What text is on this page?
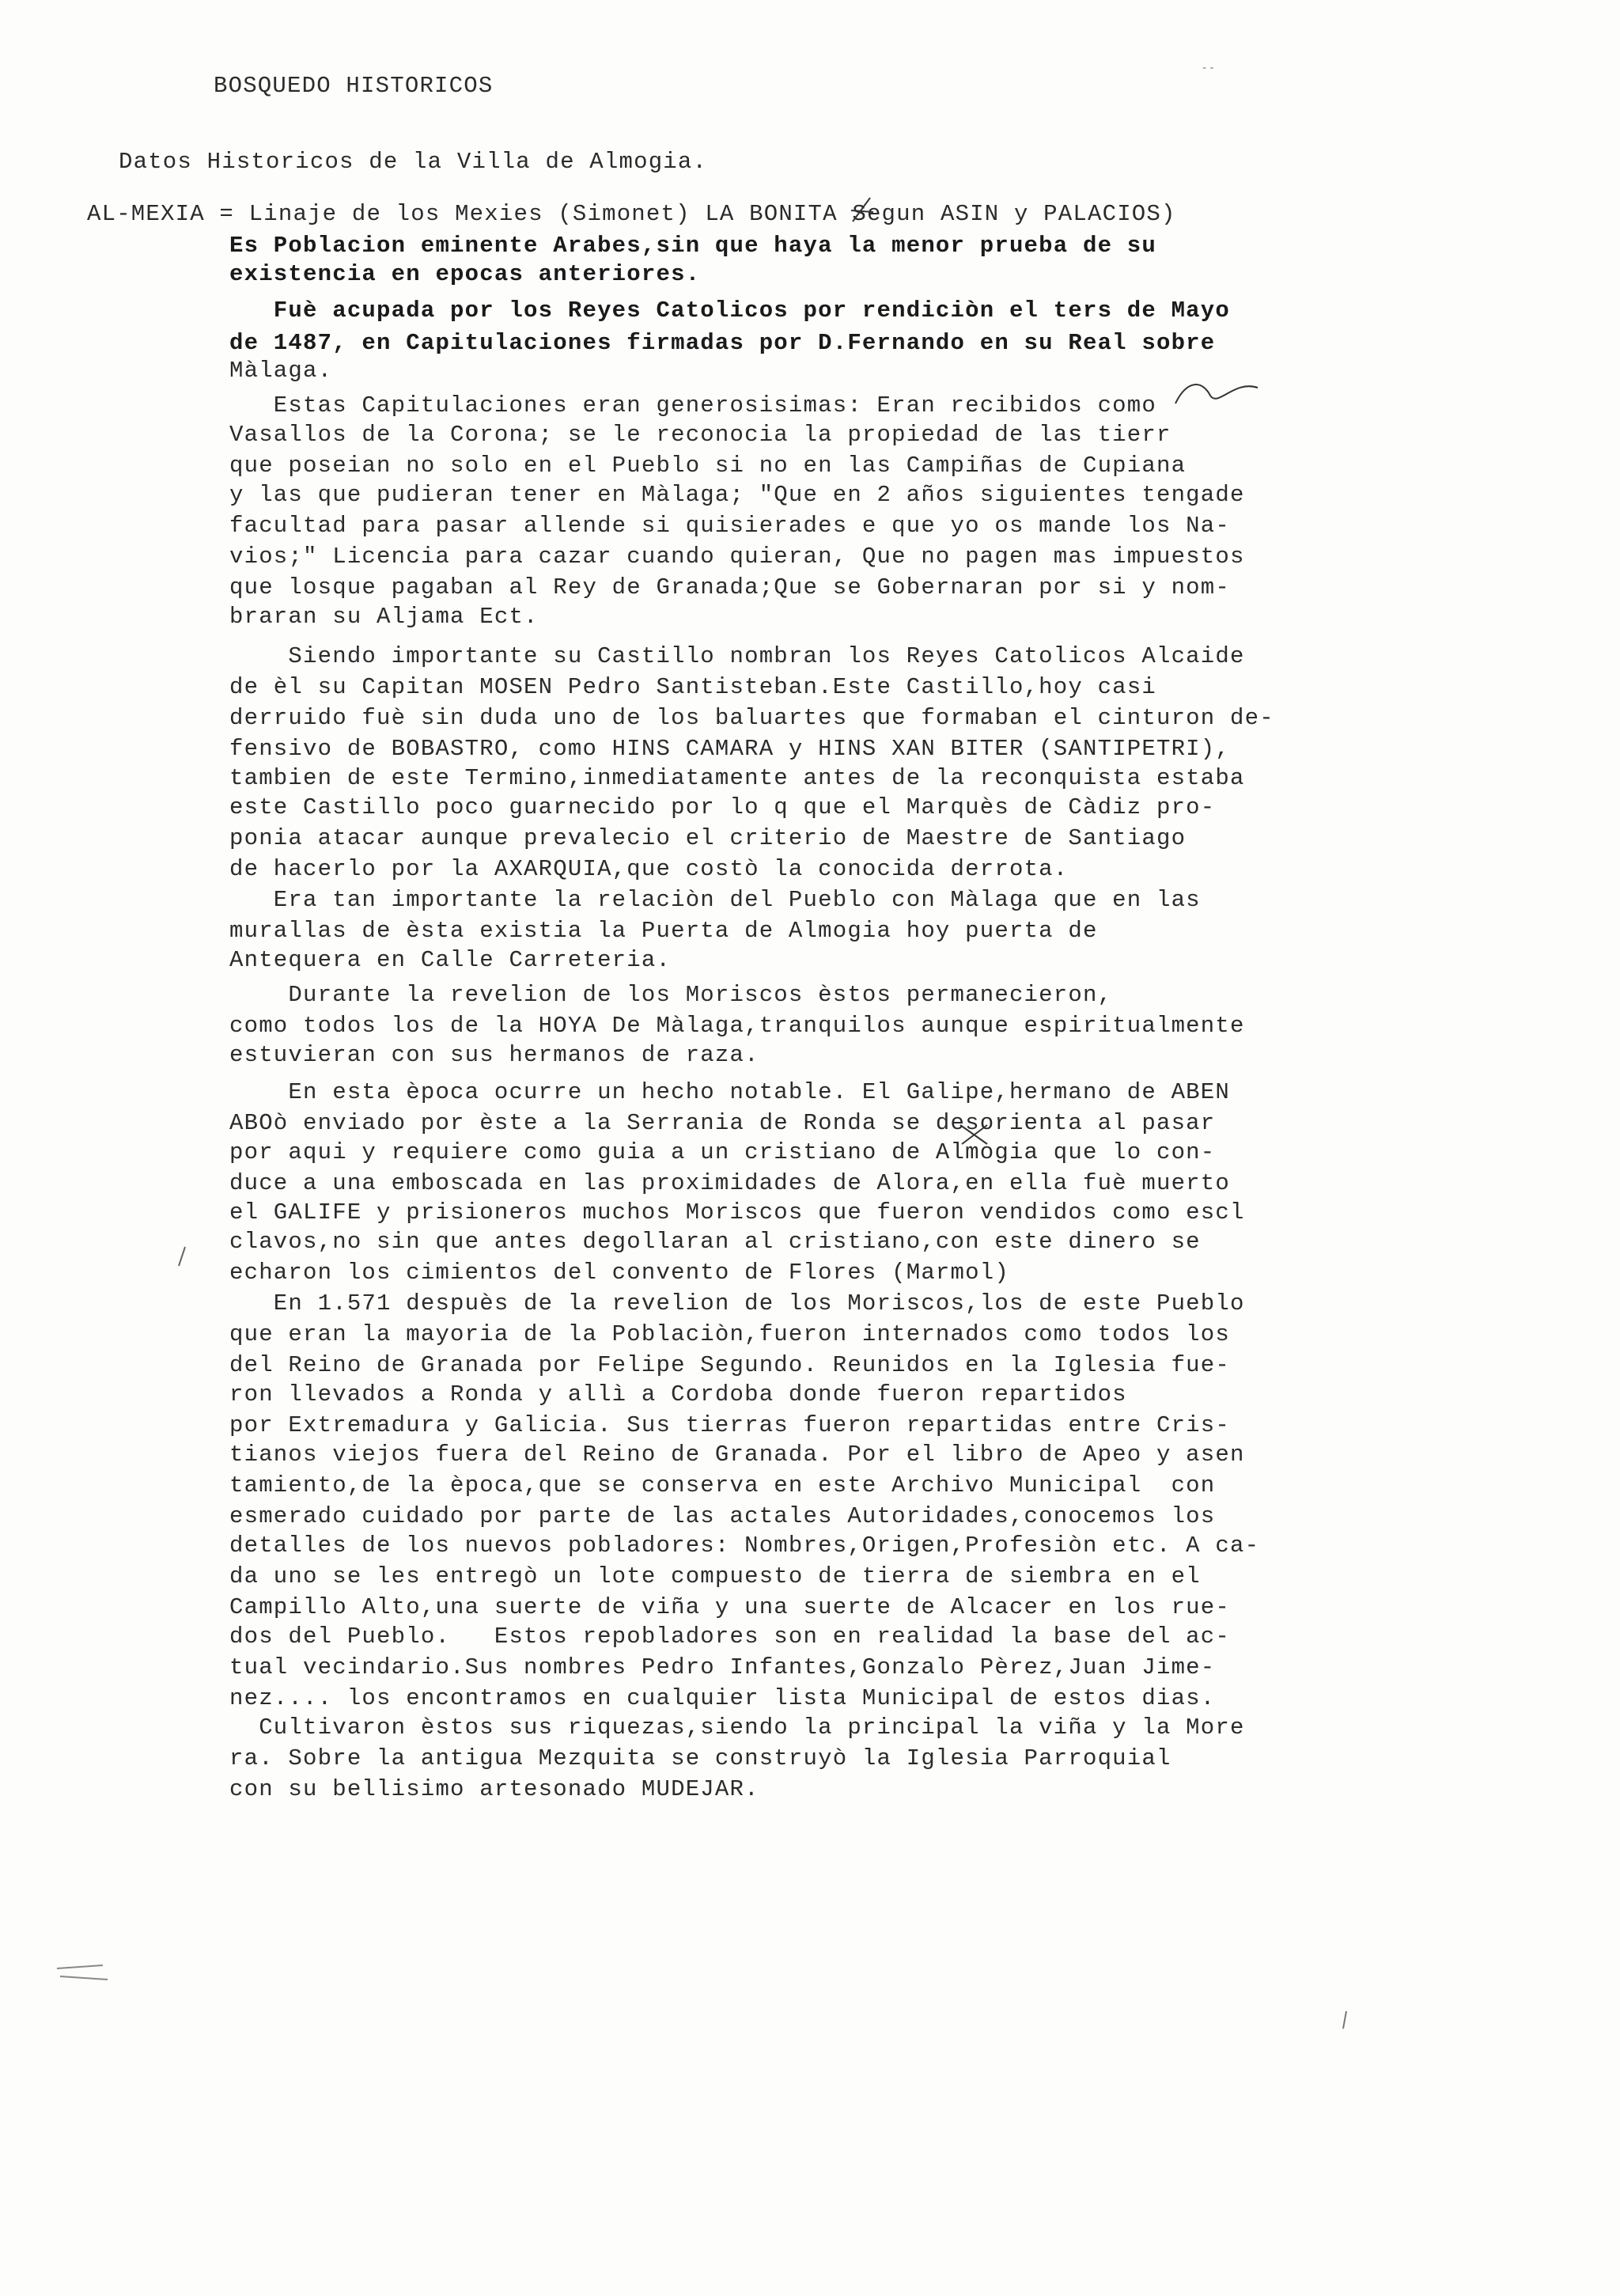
- -
BOSQUEDO HISTORICOS
Datos Historicos de la Villa de Almogia.
AL-MEXIA = Linaje de los Mexies (Simonet) LA BONITA Segun ASIN y PALACIOS)

Es Poblacion eminente Arabes,sin que haya la menor prueba de su

existencia en epocas anteriores.

Fuè acupada por los Reyes Catolicos por rendiciòn el ters de Mayo

de 1487, en Capitulaciones firmadas por D.Fernando en su Real sobre

Màlaga.

Estas Capitulaciones eran generosisimas: Eran recibidos como

Vasallos de la Corona; se le reconocia la propiedad de las tierr

que poseian no solo en el Pueblo si no en las Campiñas de Cupiana

y las que pudieran tener en Màlaga; "Que en 2 años siguientes tengade

facultad para pasar allende si quisierades e que yo os mande los Na-

vios;" Licencia para cazar cuando quieran, Que no pagen mas impuestos

que losque pagaban al Rey de Granada;Que se Gobernaran por si y nom-

braran su Aljama Ect.

Siendo importante su Castillo nombran los Reyes Catolicos Alcaide

de èl su Capitan MOSEN Pedro Santisteban.Este Castillo,hoy casi

derruido fuè sin duda uno de los baluartes que formaban el cinturon de-

fensivo de BOBASTRO, como HINS CAMARA y HINS XAN BITER (SANTIPETRI),

tambien de este Termino,inmediatamente antes de la reconquista estaba

este Castillo poco guarnecido por lo q que el Marquès de Càdiz pro-

ponia atacar aunque prevalecio el criterio de Maestre de Santiago

de hacerlo por la AXARQUIA,que costò la conocida derrota.

Era tan importante la relaciòn del Pueblo con Màlaga que en las

murallas de èsta existia la Puerta de Almogia hoy puerta de

Antequera en Calle Carreteria.

Durante la revelion de los Moriscos èstos permanecieron,

como todos los de la HOYA De Màlaga,tranquilos aunque espiritualmente

estuvieran con sus hermanos de raza.

En esta època ocurre un hecho notable. El Galipe,hermano de ABEN

ABOò enviado por èste a la Serrania de Ronda se desorienta al pasar

por aqui y requiere como guia a un cristiano de Almogia que lo con-

duce a una emboscada en las proximidades de Alora,en ella fuè muerto

el GALIFE y prisioneros muchos Moriscos que fueron vendidos como escl

clavos,no sin que antes degollaran al cristiano,con este dinero se

echaron los cimientos del convento de Flores (Marmol)

En 1.571 despuès de la revelion de los Moriscos,los de este Pueblo

que eran la mayoria de la Poblaciòn,fueron internados como todos los

del Reino de Granada por Felipe Segundo. Reunidos en la Iglesia fue-

ron llevados a Ronda y allì a Cordoba donde fueron repartidos

por Extremadura y Galicia. Sus tierras fueron repartidas entre Cris-

tianos viejos fuera del Reino de Granada. Por el libro de Apeo y asen

tamiento,de la època,que se conserva en este Archivo Municipal  con

esmerado cuidado por parte de las actales Autoridades,conocemos los

detalles de los nuevos pobladores: Nombres,Origen,Profesiòn etc. A ca-

da uno se les entregò un lote compuesto de tierra de siembra en el

Campillo Alto,una suerte de viña y una suerte de Alcacer en los rue-

dos del Pueblo.   Estos repobladores son en realidad la base del ac-

tual vecindario.Sus nombres Pedro Infantes,Gonzalo Pèrez,Juan Jime-

nez.... los encontramos en cualquier lista Municipal de estos dias.

Cultivaron èstos sus riquezas,siendo la principal la viña y la More

ra. Sobre la antigua Mezquita se construyò la Iglesia Parroquial

con su bellisimo artesonado MUDEJAR.
